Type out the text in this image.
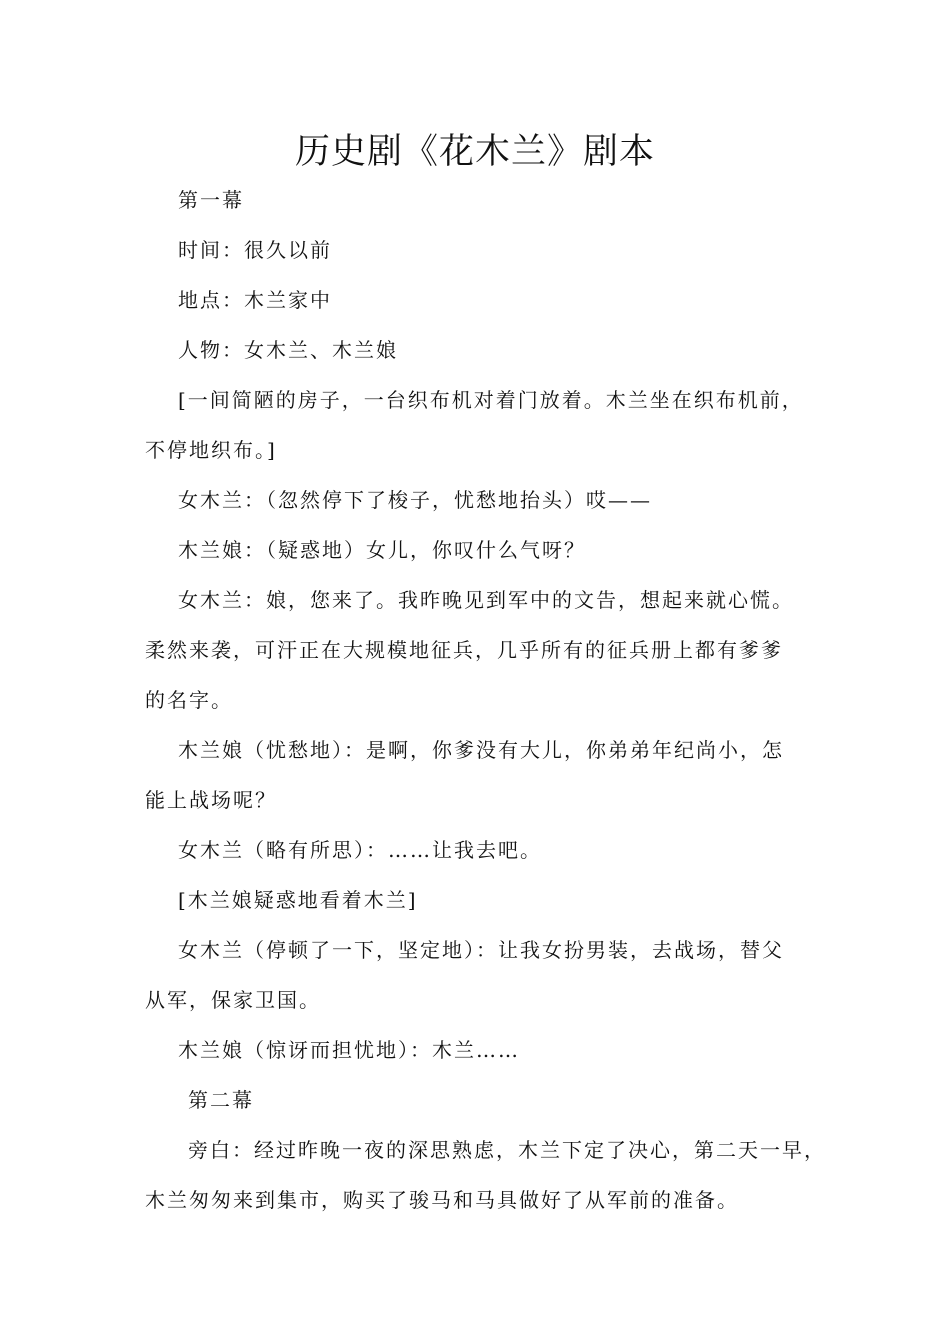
历史剧《花木兰》剧本
第一幕
时间：很久以前
地点：木兰家中
人物：女木兰、木兰娘
[一间简陋的房子，一台织布机对着门放着。木兰坐在织布机前，
不停地织布。]
女木兰：（忽然停下了梭子，忧愁地抬头）哎——
木兰娘：（疑惑地）女儿，你叹什么气呀？
女木兰：娘，您来了。我昨晚见到军中的文告，想起来就心慌。
柔然来袭，可汗正在大规模地征兵，几乎所有的征兵册上都有爹爹
的名字。
木兰娘（忧愁地）：是啊，你爹没有大儿，你弟弟年纪尚小，怎
能上战场呢？
女木兰（略有所思）：……让我去吧。
[木兰娘疑惑地看着木兰]
女木兰（停顿了一下，坚定地）：让我女扮男装，去战场，替父
从军，保家卫国。
木兰娘（惊讶而担忧地）：木兰……
第二幕
旁白：经过昨晚一夜的深思熟虑，木兰下定了决心，第二天一早，
木兰匆匆来到集市，购买了骏马和马具做好了从军前的准备。
